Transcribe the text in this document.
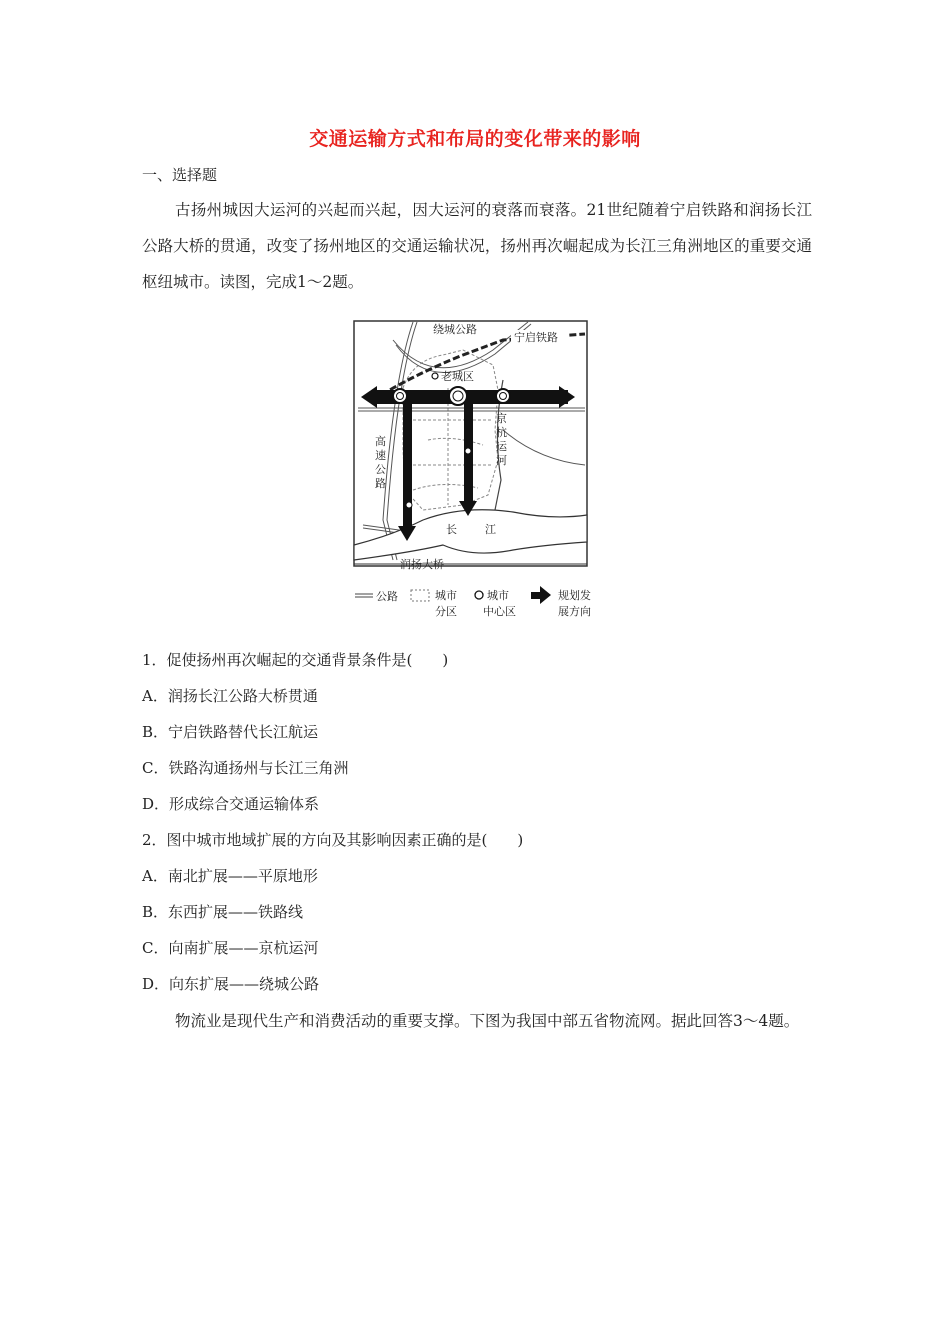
交通运输方式和布局的变化带来的影响
一、选择题
古扬州城因大运河的兴起而兴起，因大运河的衰落而衰落。21世纪随着宁启铁路和润扬长江公路大桥的贯通，改变了扬州地区的交通运输状况，扬州再次崛起成为长江三角洲地区的重要交通枢纽城市。读图，完成1～2题。
绕城公路
宁启铁路
老城区
京
杭
运
河
高
速
公
路
长	江
润扬大桥
公路	城市
分区
城市
中心区
规划发
展方向
1．促使扬州再次崛起的交通背景条件是(　　)
A．润扬长江公路大桥贯通
B．宁启铁路替代长江航运
C．铁路沟通扬州与长江三角洲
D．形成综合交通运输体系
2．图中城市地域扩展的方向及其影响因素正确的是(　　)
A．南北扩展——平原地形
B．东西扩展——铁路线
C．向南扩展——京杭运河
D．向东扩展——绕城公路
物流业是现代生产和消费活动的重要支撑。下图为我国中部五省物流网。据此回答3～4题。
